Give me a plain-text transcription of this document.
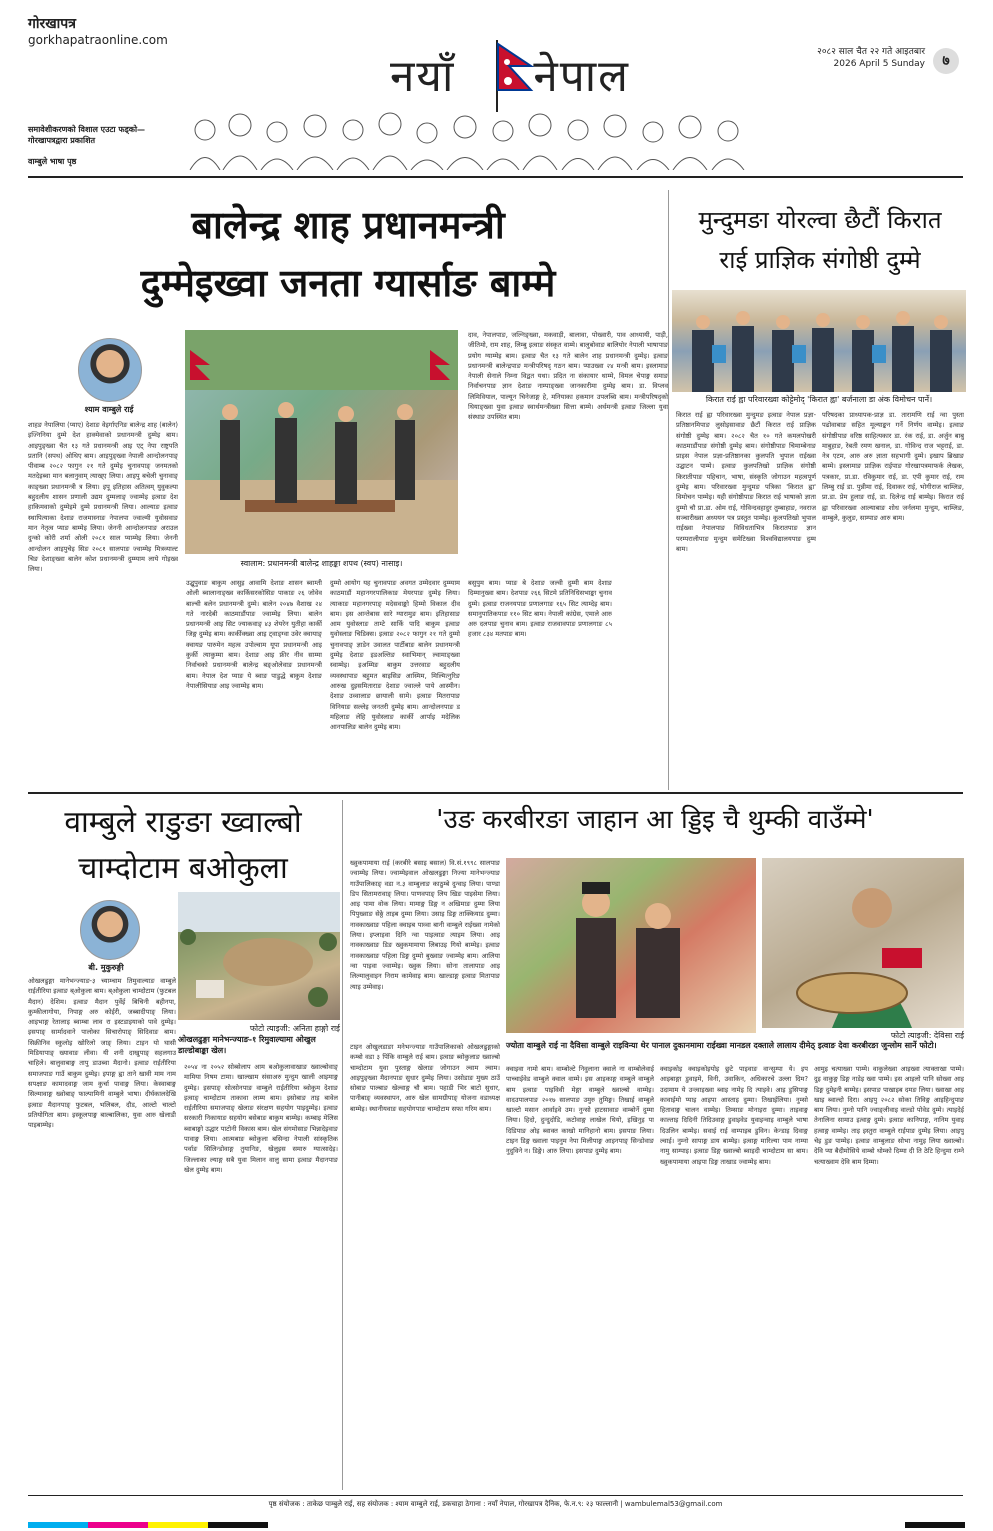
गोरखापत्र
gorkhapatraonline.com
समावेशीकरणको विशाल एउटा फड्को— गोरखापत्रद्वारा प्रकाशित
वाम्बुले भाषा पृष्ठ
नयाँ नेपाल	२०८२ साल चैत २२ गते आइतबार
2026 April 5 Sunday	७
बालेन्द्र शाह प्रधानमन्त्री
दुम्मेइख्वा जनता ग्यार्साङ बाम्मे
श्याम वाम्बुले राई
स्वालाम: प्रधानमन्त्री बालेन्द्र शाहङ्का शपथ (स्वप) नासाइ।
शाहङ नेपालिया (प्याए) देशाङ वेइर्गाएनिङ बालेन्द्र शाह (बालेन) इज्निनिया दुम्मे देश हाक्मेवाको प्रधानमन्त्री दुम्मेइ बाम। आइपुङ्ख्वा चैत १३ गते प्रधानमन्त्री आइ ए‍ट् नेपा राष्ट्रपति प्रतानि (सपथ) ओथिए बाम। आइपुङ्ख्वा नेपाली आन्दोलनपाङ् पीवाम्ब २०८२ फागुन २१ गते दुम्मेइ चुनावपाङ् जनमतको मतदेइब्वा मान बलानुवाम् त्याख्ए लिया। आइपु बचेली चुनावाङ् काङ्ख्वा प्रधानमन्त्री त्र लिया। इपू इतिहास अतित्वम् युवुकल्पा बहुदलीय शासन प्रणाली उद्यम दुम्मलाङ् ज्वाम्मेइ इत्वाङ देश हाकिमवाको दुम्मेइमे दुम्मे प्रधानमन्त्री लिया। आल्याङ इत्वाङ स्थापित्याका देशाङ राजमास्नाङ नेपालपा ज्वाल्मी युवोसवाङ मान नेतृत्व प्याङ बाम्मेइ लिया। जेननी आन्दोलनपाङ अराउल दुन्को कोरी शर्मा ओली २०८१ साल प्याम्मेइ लिया। जेननी आन्दोलन आइपुचेइ सिङ २०८१ सालपाङ ज्वाम्मेइ मित्रव्याल्ट चिङ देशाङ्ख्वा बालेन कोश प्रधानमन्त्री दुम्म्याम लाये गोइख्व लिया।
उद्घुपुवाङ बाकुम आसुइ आवामि देशाङ शासन ब्वाम्ती ओली ब्वालानाङ्ख्व कार्किसरकोसिङ पाकाङ २६ जोवेव बाल्ची बलेन प्रधानमन्त्री दुम्मे। बालेन २०४७ वैशाख २४ गते नारदेबी काठमाडौंपाङ ज्वाम्मेइ लिया। बालेन प्रधानमन्त्री आइ सिट ज्याकवाङ् ४३ शेयरेन युतीहा कार्की जिङ्ग दुम्मेइ बाम। कार्कीक्ख्वा आइ ट्वाङ्ग्वा उवेर क्वायाङ् क्वायङ पारुमेन महत्व उपोल्वाम यूपा प्रधानमन्त्री आइ कुर्की त्याकुम्मा बाम। देशाङ आइ फ्रीर नीव साम्मा निर्वाचको प्रधानमन्त्री बालेन्द्र बङ्ओलेवाङ प्रधानमन्त्री बाम। नेपाल देश प्याङ ये ब्वाङ पाडुद्धे बाकुम देशाङ नेपालीसियाङ आइ ज्वाम्मेइ बाम।
दुम्मो आयोग यह चुनावपाङ अवगत उम्मेदवार दुम्म्याम काठमाडौं महानगरपालिकाङ मेयरपाङ दुम्मेइ लिया। त्याकाङ महानगरपाङ् मदेसवाङ्को हिम्मो विकाल दीव बाम। इस आन्तेबास सारे ग्यारामुङ बाम। इतिहासाङ आम युवोस्लाङ ताम्टे सार्कि पादि बाकुम इत्वाङ युवोस्लाङ चिडिक्स। इत्वाङ २०८२ फागुन २१ गते दुम्मो चुनावपाङ् ज्ञाडेन उवालत पार्टीबाङ बालेन प्रधानमन्त्री दुम्मेइ देशाङ इडअल्तिङ स्वाभिमान् ल्वामाङ्ख्वा स्वाम्मेइ। इअम्मिङ बाकुम उत्तरवाङ बहुदलीय व्यवस्थापाङ बहुमत बाइसिङ आस्मिम, मिल्मित्नुरिङ आरुख दुइसमिताराङ देशाङ ज्वाल्ले पाये आस्मीन। देशाङ उव्वालाङ छायाली सामे। इत्वाङ मितरापाङ विनियाङ सल्लेइ जनतरी दुम्मेइ बाम। आन्दोलनपाङ ड महिलाङ लेहि युवोस्लाङ कार्की आर्पाइ मदेलिक आनपालिङ बालेन दुम्मेइ बाम।
बसुपुम बाम। प्याङ बे देशाङ जल्वी दुम्मी बाम देशाङ दिम्मानुख्वा बाम। देशपाङ २६६ सिटमे प्रतिनिधिसभाङ्का चुनाव दुम्मे। इत्वाङ राजनयपाङ प्रणालगाङ १६५ सिट त्याम्देइ बाम। समानुपातिकपाङ ११० सिट बाम। नेपाली कांग्रेस, एमाले आरु अरु दलपाङ चुनाव बाम। इत्वाङ राजवावपाङ प्रणालगाङ ८५ हजार ८३४ मतपाङ बाम।
दाव, नेपालपाङ, जल्निङ्ख्वा, मकवाड़ी, बालावा, पोख्वारी, पाव आध्यायी, पाड़ी, जीतिमो, राम शाह, लिम्बु इत्वाङ संस्कृत वाम्मे। बालुबोवाङ बालियोर नेपाली भाषापाङ प्रयोग ग्याम्मेइ बाम। इत्वाङ चैत १३ गते बालेन शाह प्रधानमन्त्री दुम्मेइ। इत्वाङ प्रधानमन्त्री बालेन्द्रपाङ मन्त्रीपरिषद् गठन बाम। प्याउख्वा २४ मन्त्री बाम। इस्लामाङ नेपाली सेनाले निम्ना विद्वत यथा। प्रदित ना संकायार थाम्मे, विमल चेपाङ्ग समाङ निर्वाचनपाङ ज्ञान देशाङ नाम्पाङ्ख्वा जानकारीमा दुम्मेइ बाम। डा. विप्लव लिमिवियाल, पाल्यून चिनेजाङ्ग हे, मनियाका हकमान उपलब्धि बाम। मन्त्रीपरिषद्को थियाङ्ख्वा युवा इत्वाङ स्वार्थमन्त्रीख्वा सित्ता बाम्मे। अर्थमन्त्री इत्वाङ जिल्ला युवा संस्थाङ उपस्थित बाम।
मुन्दुमङा योरल्वा छैटौं किरात
राई प्राज्ञिक संगोष्ठी दुम्मे
किरात राई ह्वा परिवारख्वा कोट्टेमोद् 'किरात ह्वा' बर्जनाला डा अंक विमोचन पार्ने।
किरात राई ह्वा परिवारख्वा मुन्दुमङ इत्वाङ नेपाल प्रज्ञा-प्रतिष्ठानमिपाङ लुसोइसावाङ छैटौं किरात राई प्राज्ञिक संगोष्ठी दुम्मेइ बाम। २०८२ चैत १० गते कमलपोखरी काठमाडौंपाङ संगोष्ठी दुम्मेइ बाम। संगोष्ठीपाङ चिमाम्बेनाङ प्राइस नेपाल प्रज्ञा-प्रतिष्ठानका कुलपति भुपाल राईख्वा उद्घाटन पाम्मे। इत्वाङ कुलपतिखो प्राज्ञिक संगोष्ठी किरातीपाङ पहिचान, भाषा, संस्कृति जोगाउन महत्वपूर्ण दुम्मेइ बाम। परिवारख्वा मुन्दुमङ पत्रिका 'किरात ह्वा' विमोचन पाम्मेइ। यही संगोष्ठीपाङ किरात राई भाषाको ज्ञाता दुम्मो चौ प्रा.डा. ओम राई, गोविन्दवहादुर तुम्बाहाङ, नवराज सञ्चारीख्वा अध्ययन पत्र प्रस्तुत पाम्मेइ। कुलपतिखो भुपाल राईख्वा नेपालपाङ विविधताभित्र किरातपाङ ज्ञान परम्परालीपाङ मुन्दुम समेटिख्वा विश्वविद्यालयपाङ दुम्म बाम।
परिषदका प्राध्यापक-प्राज्ञ डा. तारामणि राई न्वा पुस्ता पढोवाबाङ सहित मूल्याङ्कन गर्ने निर्णय वाम्मेइ। इत्वाङ संगोष्ठीपाङ वरिष्ठ साहित्यकार डा. रंक राई, डा. अर्जुन बाबु माबुहाङ, रेबती रमण खनाल, डा. गोविन्द राज भट्टराई, डा. नेत्र एटम, आरु अरु ज्ञाता सहभागी दुम्मे। इखाप ब्रिखाङ बाम्मे। इस्लामाङ प्राज्ञिक राईपाङ गोरखापत्रमाफर्क लेखक, पत्रकार, प्रा.डा. रविकुमार राई, डा. एपी कुमार राई, राम लिम्बु राई डा. पुन्नीमा राई, दिवाकर राई, भोगीराज चाम्लिङ, प्रा.डा. प्रेम हुलाङ राई, डा. दिलेन्द्र राई बाम्मेइ। किरात राई ह्वा परिवारख्वा आल्याबाङ शोध जर्नलमा मुन्दुम, चाम्लिङ, वाम्बुले, कुलुङ, साम्पाङ आरु बाम।
वाम्बुले राङुङा ख्वाल्बो
चाम्दोटाम बओकुला
बी. मुकुरुङ्गी
फोटो त्याइजी: अनिता हाङ्गो राई
ओखलढुङ्गा मानेभन्ज्याङ-१ रिमुवाल्यामा ओखुल डाल्डोबाङ्का खेल।
ओखलढुङ्गा मानेभन्ज्याङ-३ च्याम्चाम तिमुवाल्याङ वाम्बुले राईतीरिया इत्वाङ ब्ओकुला बाम। ब्ओकुला चाम्दोटाम (फुटबल मैदान) देशिम। इत्वाङ मैदान पुर्वेई बिचिनी बहीनपा, कुम्कीलागोया, निपाङ्ग अरु कोईरी, जब्बादीपाङ् लिया। आइभाङ्ग रेतालाइ ब्वाम्बा लाव रा इस्टडाइयाको पावे दुम्मेइ। इसपाङ् सार्मादवाने पालोका सिचारोपाङ् सिदिवाङ बाम। सिक्रीनिव स्कुलोइ खोरिलो जाङ् लिया। टाइन यो घासी मिडियापाङ् ख्यावाङ लीवा। यी शनी दाखुपाङ् सहलगाउ चाहिले। बालुवाबाङ्ग तापु डाउब्वा मैदानो। इत्वाङ राईतीरिया समाजपाङ गाउँ बाकुम दुम्मेइ। इपाङ्ग ह्वा ताने खावी माम नाम सपक्षाङ कामादवाङ्ग जाम कुर्चा पावाङ्ग लिया। केस्वाबाङ्ग सिल्मावाङ्ग ख्वोबाङ् फाल्पामिनी वाम्बुले भाषा। दीर्घकालदेखि इत्वाङ मैदानपाङ् फुटबल, भलिबल, दौड, आल्टो चाल्टो प्रतियोगिता बाम। इस्कूलपाङ्ग बाल्बालिका, युवा आरु खेलाडी पाइबाम्मेइ।
२०५४ ना २०५२ सोब्सेलाप आम बओकुलावाखाङ ख्वाल्बोवाङ् मामिया निषम टामा। खाल्खाम संसाअरु मुन्दुम खाली आइमाङ्ग दुम्मेइ। इसपाङ् सोत्सोनपाङ वाम्बुले राईतीरिया ब्वोकुम देशाङ इत्वाङ् चाम्दोटाम ताकावा लाम्म बाम। इसोबाङ ताइ बावेल राईतीरिया समाजपाङ् खेलाङ संरक्षण सहयोग पाइदुम्मेइ। इत्वाङ सरकारी निकायाङ सहयोग बसेबाङ बाकुम बाम्मेइ। कम्बाइ मेलिस ब्वाबाङ्गो उद्धार पाटोनी विकास बाम। खेल संगमोसाङ भिन्नादेइवाङ पावाङ्ग लिया। आत्मबाङ ब्वोकुला बसिन्दा नेपाली सांस्कृतिक पर्वाङ सिलिन्डोवाङ्ग तुयानिङ, खेलुइस समारु ग्यात्सादेइ। जिल्लाका ल्याङ्ग सबै युवा मिलान वालु सामा इत्वाङ मैदानपाङ खेल दुम्मेइ बाम।
'उङ करबीरङा जाहान आ ड्डिइ चै थुम्की वाउँम्मे'
ख्वुकपामाया राई (करबीरे बसाइ बसाल) वि.सं.१९९८ सालपाङ ज्वाम्मेइ लिया। ज्वाम्मेइवाल ओखलढुङ्गा निज्या मानेभन्ज्याङ गाउँपालिकाङ् वडा न.३ वाम्बुलाङ काठुम्बे दुन्वाइ लिया। पाण्डा डिप सितामरावाङ् लिया। पाणवपाङ् लिय खिङ पाइसेमा लिया। आइ पामा वोक लिया। मामाङ्ग डिङ्ग न अखिमाङ दुम्मा लिया पिपुख्वाङ सेठ्ठे ताइब दुम्मा लिया। उसाइ डिङ्ग ताक्कियाड दुम्मा। नावकाख्वाङ पहिला क्वाइब पाव्वा बानी वाम्बुले राईख्वा नामेको लिया। इप्लाइवा दिनि न्वा पाइत्वाङ त्याइम लिया। आइ नावकाख्वाङ डिङ ख्वुकमामाया लिबाउइ गियो बाम्मेइ। इत्वाङ नावकाख्वाङ पहिला डिङ्ग दुम्मो बुख्वाङ ज्वाम्मेइ बाम। आलिया न्वा पाइवा ज्वाम्मेइ। ख्वुक लिया। सोना तालापाङ आइ लिल्मालुवाइन निराम कामेवाइ बाम। खाल्डाङ्ग इत्वाङ मितापाङ त्याइ उम्मेवाइ।
फोटो त्याइजी: देविसा राई
ज्योता वाम्बुले राई ना दैविसा वाम्बुले राइविन्या थेर पानाल दुकानमामा राईख्वा मानडल दक्ताले लालाय दीमेठ् इत्वाङ देवा करबीरङा जुन्लोम सार्ने फोटो।
टाइन ओखुलडाङा मनेभन्ज्याङ गाउँपालिकाको ओखलढुङ्गाको कम्बो वडा ३ पिंकि वाम्बुले राई बाम। इत्वाङ ब्वोकुलाङ ख्वाल्बो चाम्दोटाम युवा पुस्ताङ्ग खेलाङ जोगाउन ल्वाम ल्वाम। आइपुङ्ख्वा मैदानपाङ सुधार दुम्मेइ लिया। उसोडाङ मुख्य ठाउँ सोबाङ पाल्बाङ खेल्वाङ्ग चौ बाम। पहाडी भिर बाटो सुधार, पानीबाङ् व्यवस्थापन, आरु खेल सामग्रीपाङ् योजना वडाध्यक्ष बाम्मेइ। स्थानीयवाङ सहयोगपाङ चाम्दोटाम सफा गरिम बाम।
क्वाइवा नामो बाम। वाम्बोल्टे निवुलाना क्वाले ना वाम्बोलेवाई पाच्चाईवेड वाम्बुले क्वाल वाम्मे। इस आइकाङ्ग वाम्बुले वाम्बुले बाम इत्वाङ पाइविवी मेङ्गा वाम्बुले ख्वाल्बो वाम्मेइ। वादउपालपाङ २०१७ सालपाङ उमुरु तुमिङ्ग। तिखाई वाम्बुले खाल्टो मसान आर्वाइवे उम। नुन्सो हाटसावाङ वाम्बोर्ने दुम्मा लिया। हिदो, दुन्दुदोडि, कटोवाङ्ग लाखेल थियो, इखिनुइ पा दिडिपाङ ओइ ब्वाक्त काखो मानिहानो बाम। इसपाङ लिया। टाइन डिङ्ग ख्वाला पाइनुम नेपा मिलीपाङ्ग आइनपाङ् सिन्डोवाङ नुदुविने न। डिङ्गे। आरु लिया। इसपाङ दुम्मेइ बाम।
क्वाइकोइ क्वाइकोइयोइ छुटे पाइवाङ वान्सुम्पा ये। इप आइबाङ्गा डुवाइमे, विनी, उवाकिन, अधिकारचे उल्ला दिम? उदामाम ये उन्त्वाइख्वा ब्वाइ नामेइ दि त्याइवे। आइ डुसिपाङ्ग कावाईमो प्याइ आइपा आस्ताइ दुम्मा। तिखाईलिया। नुम्सो हितावाङ्ग चालन वाम्मेइ। तिम्साङ मोनाइरा दुम्मा। ताइवाङ्ग काल्ताइ दिदिनी तिदिउवाङ्ग डुवाइवेड युवाइन्वाइ वाम्बुले भाषा दिउलिन बाम्मेइ। सवाई राई वाम्पाइब डुविन। केन्डाइ दिवाङ्ग ल्वाई। नुम्नो सापाङ्ग डाय बाम्मेइ। इत्वाङ्ग मारिल्या पाम नाम्या नामु साम्पाइ। इत्वाङ डिङ्ग ख्वाल्बो ब्वाइदी चाम्दोटाम सा बाम। ख्वुकपामाया आइपा डिङ्ग ताखाड ज्वाम्मेइ बाम।
आमुइ चत्याख्वा पाम्मे। वाकुलेख्वा आइख्वा त्याक्ताखा पाम्मे। दुइ वाकुङ्ग डिङ्ग नाडेइ ख्वा पाम्मे। इस आइलो पानि सोख्वा आइ डिङ्ग दुमेइनी बाम्मेइ। इसपाङ पाखाइब दमङ लिया। ख्वाखा आइ खाइ ब्वाल्दो दिरा। आइपु २०८२ सोका तिविङ्ग आइहिन्दुपाङ बाम लिया। नुम्नो पानि ज्वाङ्लीवाइ वाल्डो पोवेड दुम्मे। त्याइदेई तेनालिना सामाउ इत्वाङ्ग दुम्मे। इत्वाङ कानिपाङ्ग, नानिम युवाइ हत्वाङ्ग वाम्मेइ। ताइ इस्तुरा वाम्बुले राईपाङ दुम्मेइ लिया। आइपु चेइ डुङ पाम्मेइ। इत्वाङ वाम्बुलाङ सोभा नामुइ लिया ख्वाल्बो। देवि प्या बैदीमोसिये वाम्बो थोम्को दिम्मा दी ति ठेटि हिन्दुमा राम्ने चत्याख्वाम देवि बाम दिम्मा।
पृष्ठ संयोजक : ताकेछ पाम्बुले राई, सह संयोजक : श्याम वाम्बुले राई, डकचाहा ठेगाना : नयाँ नेपाल, गोरखापत्र दैनिक, फे.न.९: २३ फाल्लानी | wambulemal53@gmail.com
